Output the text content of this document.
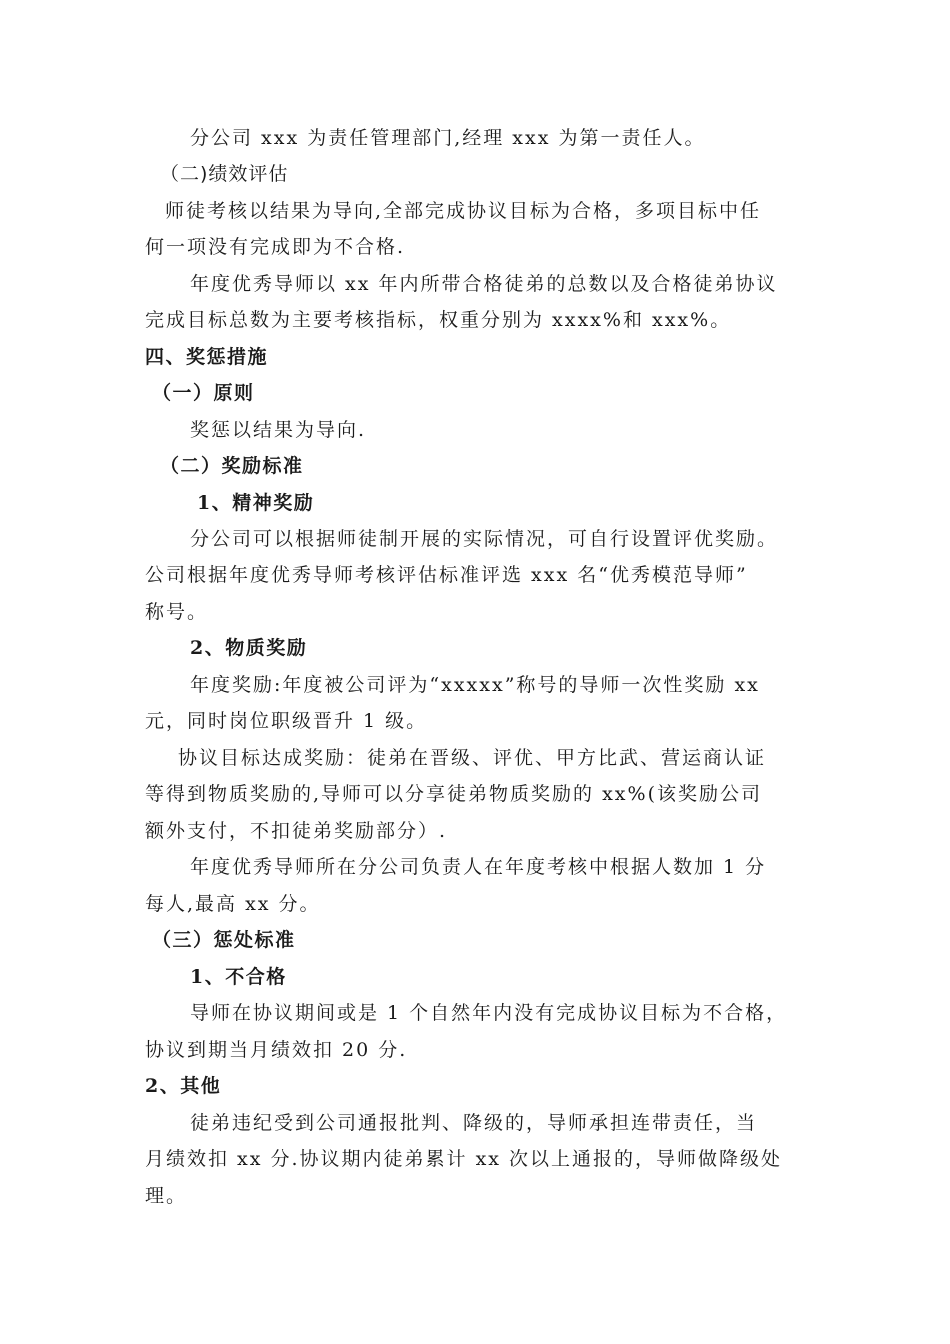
分公司 xxx 为责任管理部门,经理 xxx 为第一责任人。
（二)绩效评估
师徒考核以结果为导向,全部完成协议目标为合格，多项目标中任
何一项没有完成即为不合格.
年度优秀导师以 xx 年内所带合格徒弟的总数以及合格徒弟协议
完成目标总数为主要考核指标，权重分别为 xxxx%和 xxx%。
四、奖惩措施
（一）原则
奖惩以结果为导向.
（二）奖励标准
1、精神奖励
分公司可以根据师徒制开展的实际情况，可自行设置评优奖励。
公司根据年度优秀导师考核评估标准评选 xxx 名“优秀模范导师”
称号。
2、物质奖励
年度奖励:年度被公司评为“xxxxx”称号的导师一次性奖励 xx
元，同时岗位职级晋升 1 级。
协议目标达成奖励：徒弟在晋级、评优、甲方比武、营运商认证
等得到物质奖励的,导师可以分享徒弟物质奖励的 xx%(该奖励公司
额外支付，不扣徒弟奖励部分）.
年度优秀导师所在分公司负责人在年度考核中根据人数加 1 分
每人,最高 xx 分。
（三）惩处标准
1、不合格
导师在协议期间或是 1 个自然年内没有完成协议目标为不合格，
协议到期当月绩效扣 20 分.
2、其他
徒弟违纪受到公司通报批判、降级的，导师承担连带责任，当
月绩效扣 xx 分.协议期内徒弟累计 xx 次以上通报的，导师做降级处
理。
